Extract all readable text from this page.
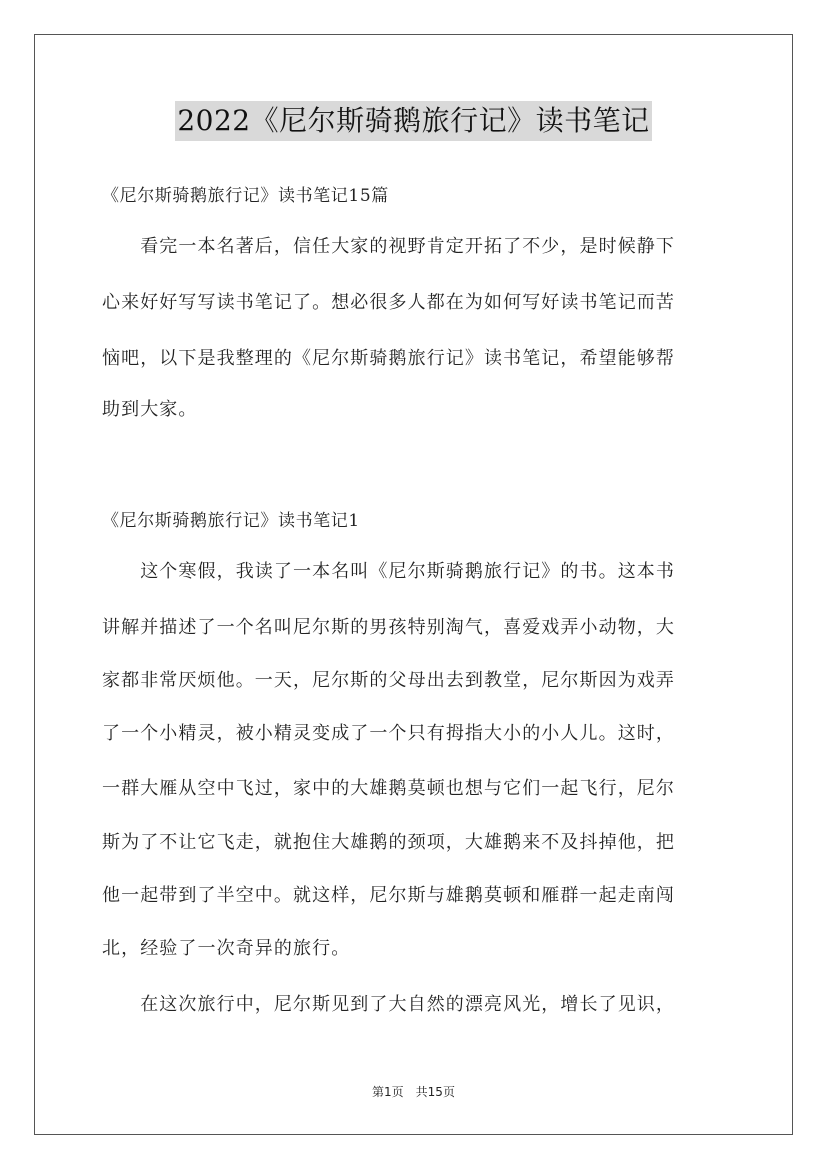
2022《尼尔斯骑鹅旅行记》读书笔记
《尼尔斯骑鹅旅行记》读书笔记15篇
　　看完一本名著后，信任大家的视野肯定开拓了不少，是时候静下
心来好好写写读书笔记了。想必很多人都在为如何写好读书笔记而苦
恼吧，以下是我整理的《尼尔斯骑鹅旅行记》读书笔记，希望能够帮
助到大家。
《尼尔斯骑鹅旅行记》读书笔记1
　　这个寒假，我读了一本名叫《尼尔斯骑鹅旅行记》的书。这本书
讲解并描述了一个名叫尼尔斯的男孩特别淘气，喜爱戏弄小动物，大
家都非常厌烦他。一天，尼尔斯的父母出去到教堂，尼尔斯因为戏弄
了一个小精灵，被小精灵变成了一个只有拇指大小的小人儿。这时，
一群大雁从空中飞过，家中的大雄鹅莫顿也想与它们一起飞行，尼尔
斯为了不让它飞走，就抱住大雄鹅的颈项，大雄鹅来不及抖掉他，把
他一起带到了半空中。就这样，尼尔斯与雄鹅莫顿和雁群一起走南闯
北，经验了一次奇异的旅行。
　　在这次旅行中，尼尔斯见到了大自然的漂亮风光，增长了见识，
第1页 共15页
